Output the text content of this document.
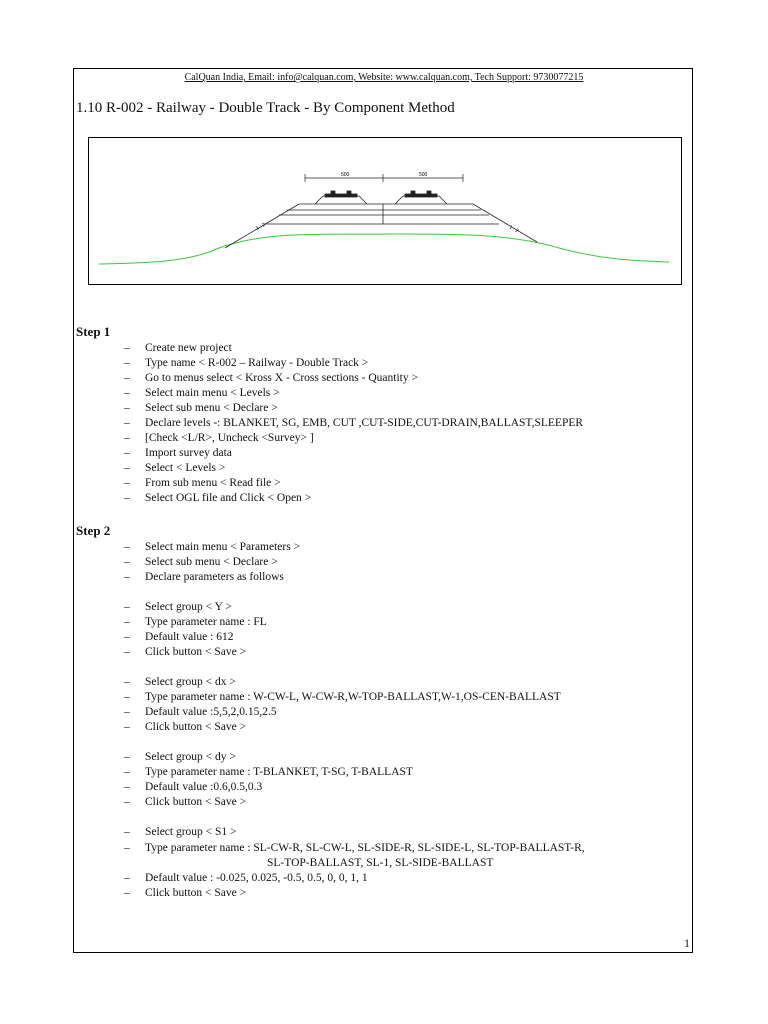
CalQuan India, Email: info@calquan.com, Website: www.calquan.com, Tech Support: 9730077215
1.10 R-002 - Railway - Double Track - By Component Method
500	500
1 : 2	1 : 2
Step 1
– Create new project
– Type name < R-002 – Railway - Double Track >
– Go to menus select < Kross X - Cross sections - Quantity >
– Select main menu < Levels >
– Select sub menu < Declare >
– Declare levels -: BLANKET, SG, EMB, CUT ,CUT-SIDE,CUT-DRAIN,BALLAST,SLEEPER
– [Check <L/R>, Uncheck <Survey> ]
– Import survey data
– Select < Levels >
– From sub menu < Read file >
– Select OGL file and Click < Open >
Step 2
– Select main menu < Parameters >
– Select sub menu < Declare >
– Declare parameters as follows
– Select group < Y >
– Type parameter name : FL
– Default value : 612
– Click button < Save >
– Select group < dx >
– Type parameter name : W-CW-L, W-CW-R,W-TOP-BALLAST,W-1,OS-CEN-BALLAST
– Default value :5,5,2,0.15,2.5
– Click button < Save >
– Select group < dy >
– Type parameter name : T-BLANKET, T-SG, T-BALLAST
– Default value :0.6,0.5,0.3
– Click button < Save >
– Select group < S1 >
– Type parameter name : SL-CW-R, SL-CW-L, SL-SIDE-R, SL-SIDE-L, SL-TOP-BALLAST-R,
SL-TOP-BALLAST, SL-1, SL-SIDE-BALLAST
– Default value : -0.025, 0.025, -0.5, 0.5, 0, 0, 1, 1
– Click button < Save >
1
